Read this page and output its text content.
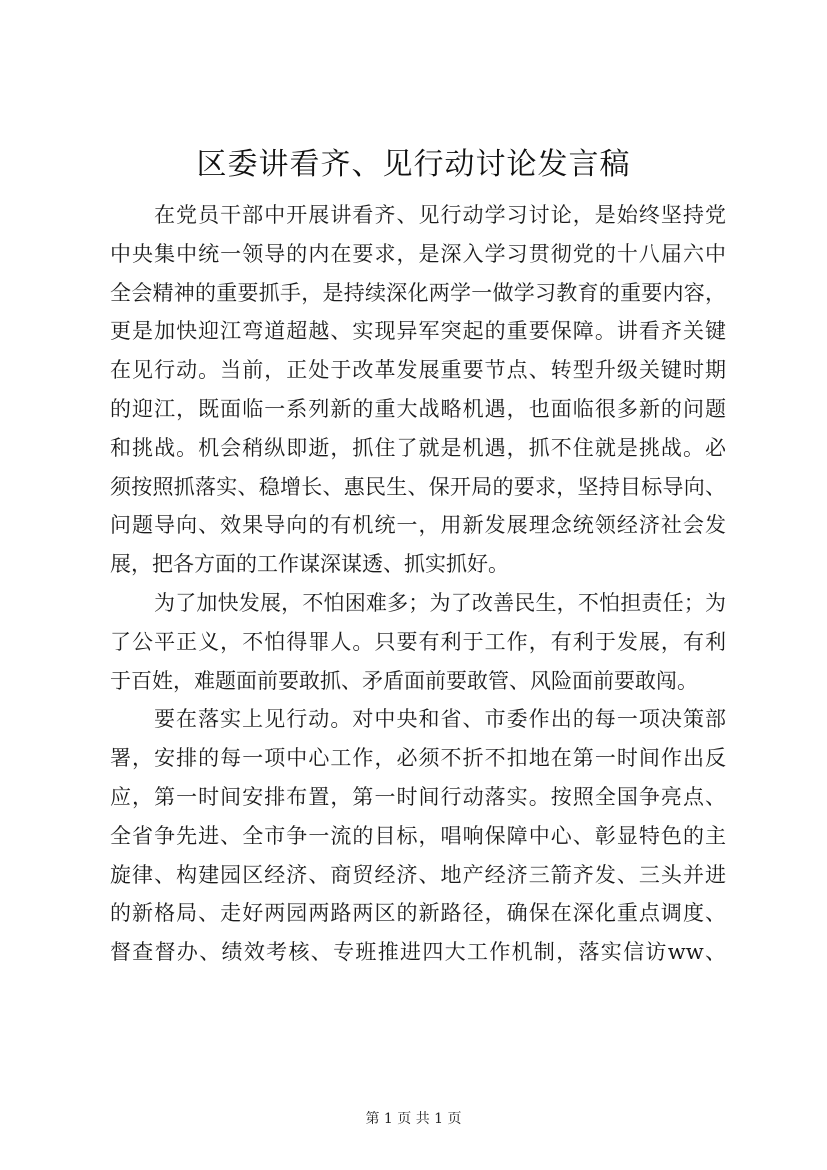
区委讲看齐、见行动讨论发言稿
在党员干部中开展讲看齐、见行动学习讨论，是始终坚持党
中央集中统一领导的内在要求，是深入学习贯彻党的十八届六中
全会精神的重要抓手，是持续深化两学一做学习教育的重要内容，
更是加快迎江弯道超越、实现异军突起的重要保障。讲看齐关键
在见行动。当前，正处于改革发展重要节点、转型升级关键时期
的迎江，既面临一系列新的重大战略机遇，也面临很多新的问题
和挑战。机会稍纵即逝，抓住了就是机遇，抓不住就是挑战。必
须按照抓落实、稳增长、惠民生、保开局的要求，坚持目标导向、
问题导向、效果导向的有机统一，用新发展理念统领经济社会发
展，把各方面的工作谋深谋透、抓实抓好。
为了加快发展，不怕困难多；为了改善民生，不怕担责任；为
了公平正义，不怕得罪人。只要有利于工作，有利于发展，有利
于百姓，难题面前要敢抓、矛盾面前要敢管、风险面前要敢闯。
要在落实上见行动。对中央和省、市委作出的每一项决策部
署，安排的每一项中心工作，必须不折不扣地在第一时间作出反
应，第一时间安排布置，第一时间行动落实。按照全国争亮点、
全省争先进、全市争一流的目标，唱响保障中心、彰显特色的主
旋律、构建园区经济、商贸经济、地产经济三箭齐发、三头并进
的新格局、走好两园两路两区的新路径，确保在深化重点调度、
督查督办、绩效考核、专班推进四大工作机制，落实信访ww、
第 1 页 共 1 页
